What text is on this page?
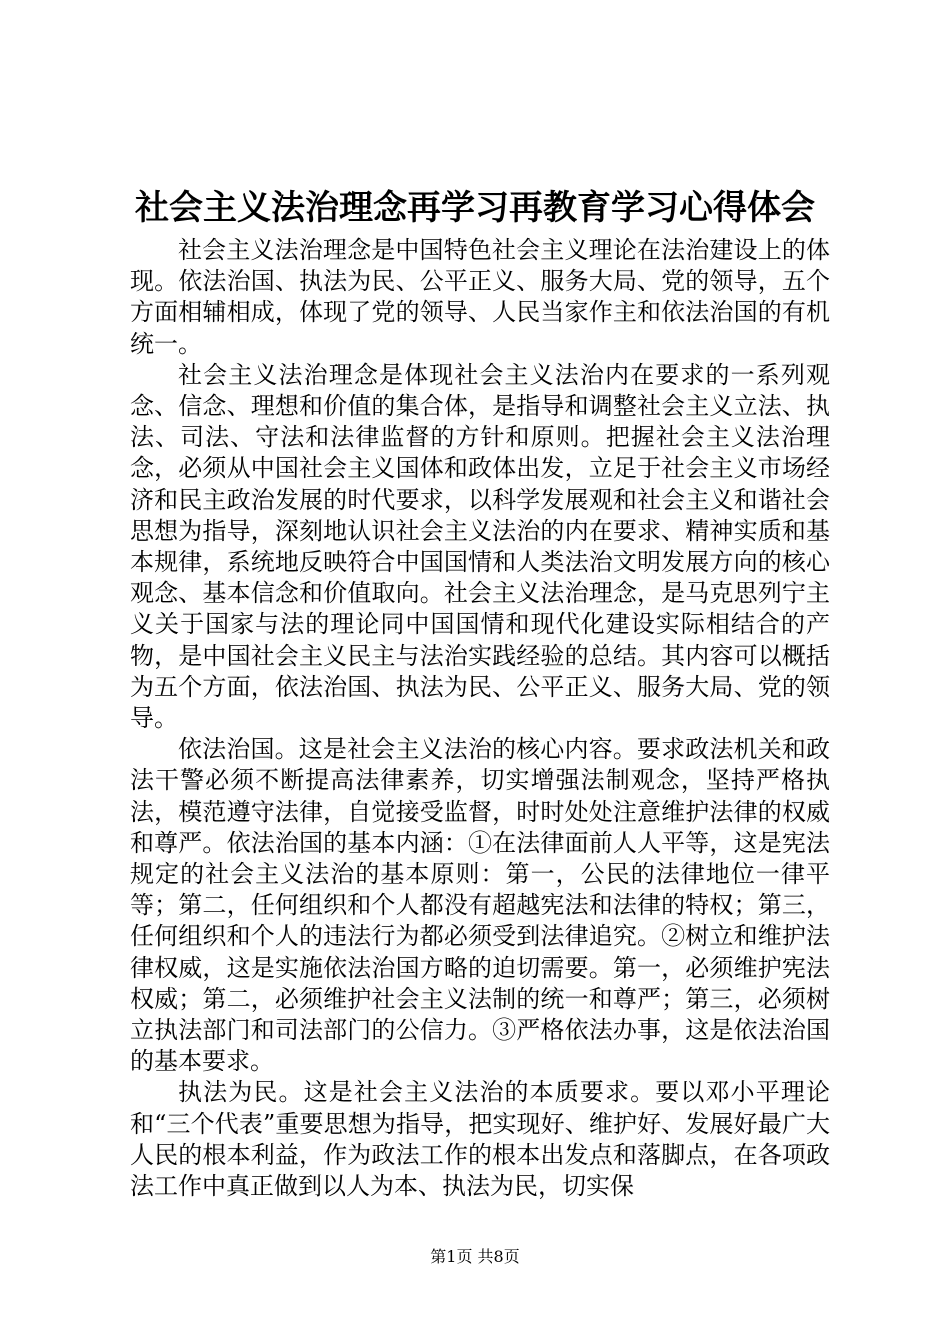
社会主义法治理念再学习再教育学习心得体会

社会主义法治理念是中国特色社会主义理论在法治建设上的体现。依法治国、执法为民、公平正义、服务大局、党的领导，五个方面相辅相成，体现了党的领导、人民当家作主和依法治国的有机统一。

社会主义法治理念是体现社会主义法治内在要求的一系列观念、信念、理想和价值的集合体，是指导和调整社会主义立法、执法、司法、守法和法律监督的方针和原则。把握社会主义法治理念，必须从中国社会主义国体和政体出发，立足于社会主义市场经济和民主政治发展的时代要求，以科学发展观和社会主义和谐社会思想为指导，深刻地认识社会主义法治的内在要求、精神实质和基本规律，系统地反映符合中国国情和人类法治文明发展方向的核心观念、基本信念和价值取向。社会主义法治理念，是马克思列宁主义关于国家与法的理论同中国国情和现代化建设实际相结合的产物，是中国社会主义民主与法治实践经验的总结。其内容可以概括为五个方面，依法治国、执法为民、公平正义、服务大局、党的领导。

依法治国。这是社会主义法治的核心内容。要求政法机关和政法干警必须不断提高法律素养，切实增强法制观念，坚持严格执法，模范遵守法律，自觉接受监督，时时处处注意维护法律的权威和尊严。依法治国的基本内涵：①在法律面前人人平等，这是宪法规定的社会主义法治的基本原则：第一，公民的法律地位一律平等；第二，任何组织和个人都没有超越宪法和法律的特权；第三，任何组织和个人的违法行为都必须受到法律追究。②树立和维护法律权威，这是实施依法治国方略的迫切需要。第一，必须维护宪法权威；第二，必须维护社会主义法制的统一和尊严；第三，必须树立执法部门和司法部门的公信力。③严格依法办事，这是依法治国的基本要求。

执法为民。这是社会主义法治的本质要求。要以邓小平理论和“三个代表”重要思想为指导，把实现好、维护好、发展好最广大人民的根本利益，作为政法工作的根本出发点和落脚点，在各项政法工作中真正做到以人为本、执法为民，切实保

第1页 共8页
